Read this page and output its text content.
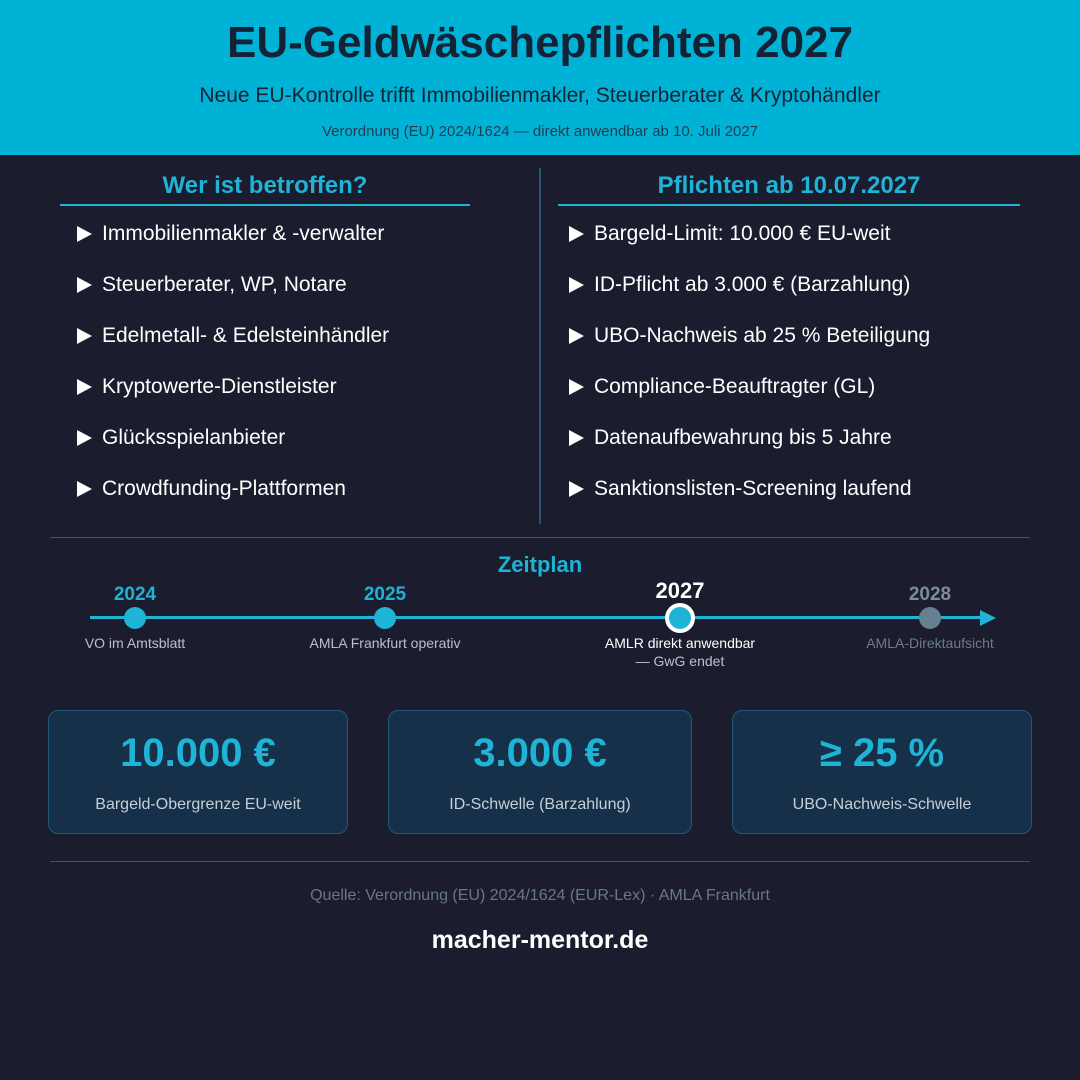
EU-Geldwäschepflichten 2027
Neue EU-Kontrolle trifft Immobilienmakler, Steuerberater & Kryptohändler
Verordnung (EU) 2024/1624 — direkt anwendbar ab 10. Juli 2027
Wer ist betroffen?
Immobilienmakler & -verwalter
Steuerberater, WP, Notare
Edelmetall- & Edelsteinhändler
Kryptowerte-Dienstleister
Glücksspielanbieter
Crowdfunding-Plattformen
Pflichten ab 10.07.2027
Bargeld-Limit: 10.000 € EU-weit
ID-Pflicht ab 3.000 € (Barzahlung)
UBO-Nachweis ab 25 % Beteiligung
Compliance-Beauftragter (GL)
Datenaufbewahrung bis 5 Jahre
Sanktionslisten-Screening laufend
Zeitplan
2024
VO im Amtsblatt
2025
AMLA Frankfurt operativ
2027
AMLR direkt anwendbar
— GwG endet
2028
AMLA-Direktaufsicht
10.000 €
Bargeld-Obergrenze EU-weit
3.000 €
ID-Schwelle (Barzahlung)
≥ 25 %
UBO-Nachweis-Schwelle
Quelle: Verordnung (EU) 2024/1624 (EUR-Lex) · AMLA Frankfurt
macher-mentor.de
